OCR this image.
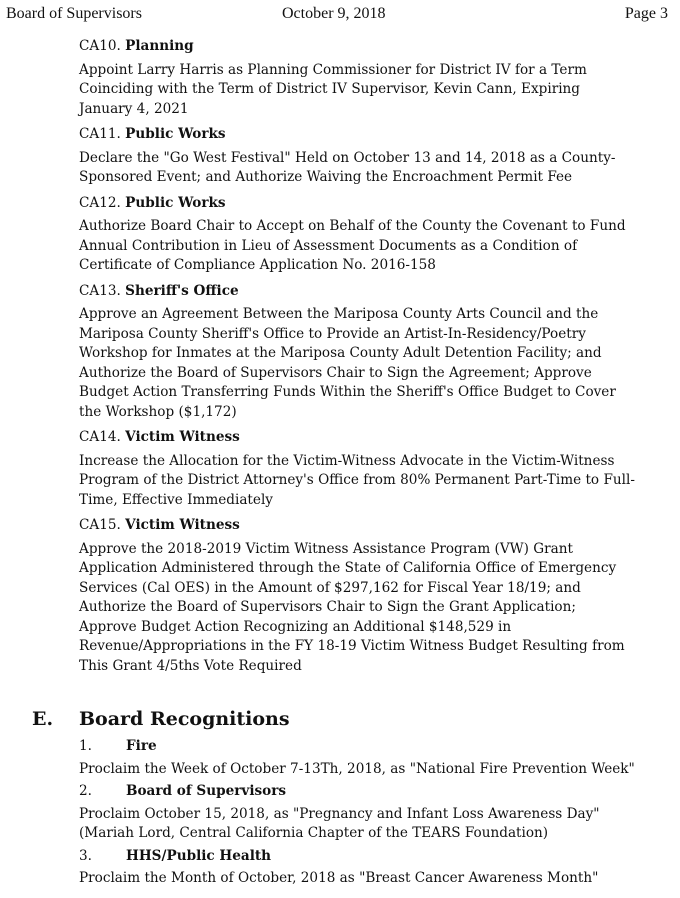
Board of Supervisors	October 9, 2018	Page 3
CA10. Planning
Appoint Larry Harris as Planning Commissioner for District IV for a Term
Coinciding with the Term of District IV Supervisor, Kevin Cann, Expiring
January 4, 2021
CA11. Public Works
Declare the "Go West Festival" Held on October 13 and 14, 2018 as a County-
Sponsored Event; and Authorize Waiving the Encroachment Permit Fee
CA12. Public Works
Authorize Board Chair to Accept on Behalf of the County the Covenant to Fund
Annual Contribution in Lieu of Assessment Documents as a Condition of
Certificate of Compliance Application No. 2016-158
CA13. Sheriff's Office
Approve an Agreement Between the Mariposa County Arts Council and the
Mariposa County Sheriff's Office to Provide an Artist-In-Residency/Poetry
Workshop for Inmates at the Mariposa County Adult Detention Facility; and
Authorize the Board of Supervisors Chair to Sign the Agreement; Approve
Budget Action Transferring Funds Within the Sheriff's Office Budget to Cover
the Workshop ($1,172)
CA14. Victim Witness
Increase the Allocation for the Victim-Witness Advocate in the Victim-Witness
Program of the District Attorney's Office from 80% Permanent Part-Time to Full-
Time, Effective Immediately
CA15. Victim Witness
Approve the 2018-2019 Victim Witness Assistance Program (VW) Grant
Application Administered through the State of California Office of Emergency
Services (Cal OES) in the Amount of $297,162 for Fiscal Year 18/19; and
Authorize the Board of Supervisors Chair to Sign the Grant Application;
Approve Budget Action Recognizing an Additional $148,529 in
Revenue/Appropriations in the FY 18-19 Victim Witness Budget Resulting from
This Grant 4/5ths Vote Required
E. Board Recognitions
1.	Fire
Proclaim the Week of October 7-13Th, 2018, as "National Fire Prevention Week"
2.	Board of Supervisors
Proclaim October 15, 2018, as "Pregnancy and Infant Loss Awareness Day"
(Mariah Lord, Central California Chapter of the TEARS Foundation)
3.	HHS/Public Health
Proclaim the Month of October, 2018 as "Breast Cancer Awareness Month"
